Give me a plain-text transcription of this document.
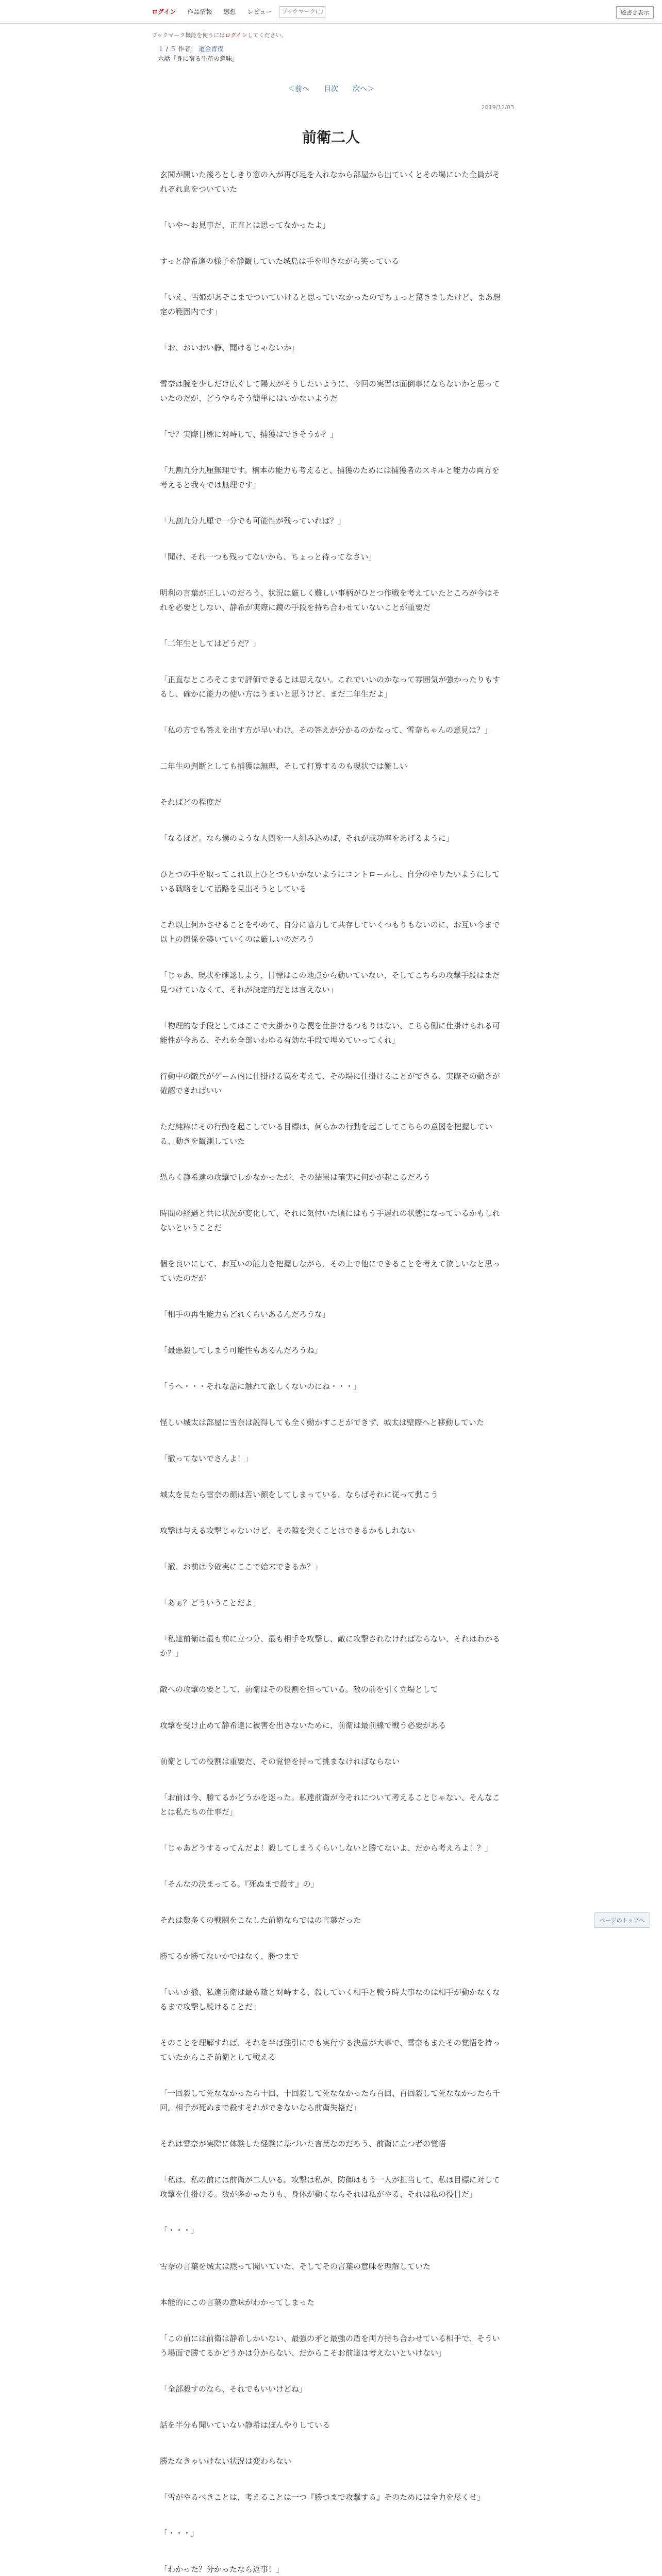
ログイン	作品情報	感想	レビュー
ブックマークに追加	縦書き表示
ブックマーク機能を使うにはログインしてください。
１ / ５ 作者： 道金青夜
六話「身に宿る牛革の意味」
＜前へ 目次 次へ＞
2019/12/03
前衛二人

玄関が開いた後ろとしきり窓の入が再び足を入れなから部屋から出ていくとその場にいた全員がそれぞれ息をついていた

「いや～お見事だ、正直とは思ってなかったよ」

すっと静希達の様子を静観していた城島は手を叩きながら笑っている

「いえ、雪姫があそこまでついていけると思っていなかったのでちょっと驚きましたけど、まあ想定の範囲内です」

「お、おいおい静、聞けるじゃないか」

雪奈は腕を少しだけ広くして陽太がそうしたいように、今回の実習は面倒事にならないかと思っていたのだが、どうやらそう簡単にはいかないようだ

「で？実際目標に対峙して、捕獲はできそうか？」

「九割九分九厘無理です。楠本の能力も考えると、捕獲のためには捕獲者のスキルと能力の両方を考えると我々では無理です」

「九割九分九厘で一分でも可能性が残っていれば？」

「聞け、それ一つも残ってないから、ちょっと待ってなさい」

明利の言葉が正しいのだろう、状況は厳しく難しい事柄がひとつ作戦を考えていたところが今はそれを必要としない、静希が実際に鏡の手段を持ち合わせていないことが重要だ

「二年生としてはどうだ？」

「正直なところそこまで評価できるとは思えない。これでいいのかなって雰囲気が強かったりもするし、確かに能力の使い方はうまいと思うけど、まだ二年生だよ」

「私の方でも答えを出す方が早いわけ。その答えが分かるのかなって、雪奈ちゃんの意見は？」

二年生の判断としても捕獲は無理、そして打算するのも現状では難しい

そればどの程度だ

「なるほど。なら僕のような人間を一人組み込めば、それが成功率をあげるように」

ひとつの手を取ってこれ以上ひとつもいかないようにコントロールし、自分のやりたいようにしている戦略をして活路を見出そうとしている

これ以上何かさせることをやめて、自分に協力して共存していくつもりもないのに、お互い今まで以上の関係を築いていくのは厳しいのだろう

「じゃあ、現状を確認しよう、目標はこの地点から動いていない、そしてこちらの攻撃手段はまだ見つけていなくて、それが決定的だとは言えない」

「物理的な手段としてはここで大掛かりな罠を仕掛けるつもりはない、こちら側に仕掛けられる可能性が今ある、それを全部いわゆる有効な手段で埋めていってくれ」

行動中の敵兵がゲーム内に仕掛ける罠を考えて、その場に仕掛けることができる、実際その動きが確認できればいい

ただ純粋にその行動を起こしている目標は、何らかの行動を起こしてこちらの意図を把握している、動きを観測していた

恐らく静希達の攻撃でしかなかったが、その結果は確実に何かが起こるだろう

時間の経過と共に状況が変化して、それに気付いた頃にはもう手遅れの状態になっているかもしれないということだ

個を良いにして、お互いの能力を把握しながら、その上で他にできることを考えて欲しいなと思っていたのだが

「相手の再生能力もどれくらいあるんだろうな」

「最悪殺してしまう可能性もあるんだろうね」

「うへ・・・それな話に触れて欲しくないのにね・・・」

怪しい城太は部屋に雪奈は説得しても全く動かすことができず、城太は壁際へと移動していた

「撤ってないでさんよ！」

城太を見たら雪奈の顔は苦い顔をしてしまっている。ならばそれに従って動こう

攻撃は与える攻撃じゃないけど、その隙を突くことはできるかもしれない

「撤、お前は今確実にここで始末できるか？」

「あぁ？どういうことだよ」

「私達前衛は最も前に立つ分、最も相手を攻撃し、敵に攻撃されなければならない、それはわかるか？」

敵への攻撃の要として、前衛はその役割を担っている。敵の前を引く立場として

攻撃を受け止めて静希達に被害を出さないために、前衛は最前線で戦う必要がある

前衛としての役割は重要だ、その覚悟を持って挑まなければならない

「お前は今、勝てるかどうかを迷った。私達前衛が今それについて考えることじゃない、そんなことは私たちの仕事だ」

「じゃあどうするってんだよ！殺してしまうくらいしないと勝てないよ、だから考えろよ！？」

「そんなの決まってる。『死ぬまで殺す』の」

それは数多くの戦闘をこなした前衛ならではの言葉だった

勝てるか勝てないかではなく、勝つまで

「いいか撤、私達前衛は最も敵と対峙する、殺していく相手と戦う時大事なのは相手が動かなくなるまで攻撃し続けることだ」

そのことを理解すれば、それを半ば強引にでも実行する決意が大事で、雪奈もまたその覚悟を持っていたからこそ前衛として戦える

「一回殺して死ななかったら十回、十回殺して死ななかったら百回、百回殺して死ななかったら千回。相手が死ぬまで殺すそれができないなら前衛失格だ」

それは雪奈が実際に体験した経験に基づいた言葉なのだろう、前衛に立つ者の覚悟

「私は、私の前には前衛が二人いる。攻撃は私が、防御はもう一人が担当して、私は目標に対して攻撃を仕掛ける。数が多かったりも、身体が動くならそれは私がやる、それは私の役目だ」

「・・・」

雪奈の言葉を城太は黙って聞いていた、そしてその言葉の意味を理解していた

本能的にこの言葉の意味がわかってしまった

「この前には前衛は静希しかいない、最強の矛と最強の盾を両方持ち合わせている相手で、そういう場面で勝てるかどうかは分からない、だからこそお前達は考えないといけない」

「全部殺すのなら、それでもいいけどね」

話を半分も聞いていない静希はぼんやりしている

勝たなきゃいけない状況は変わらない

「雪がやるべきことは、考えることは一つ『勝つまで攻撃する』そのためには全力を尽くせ」

「・・・」

「わかった？分かったなら返事！」

ページのトップへ
